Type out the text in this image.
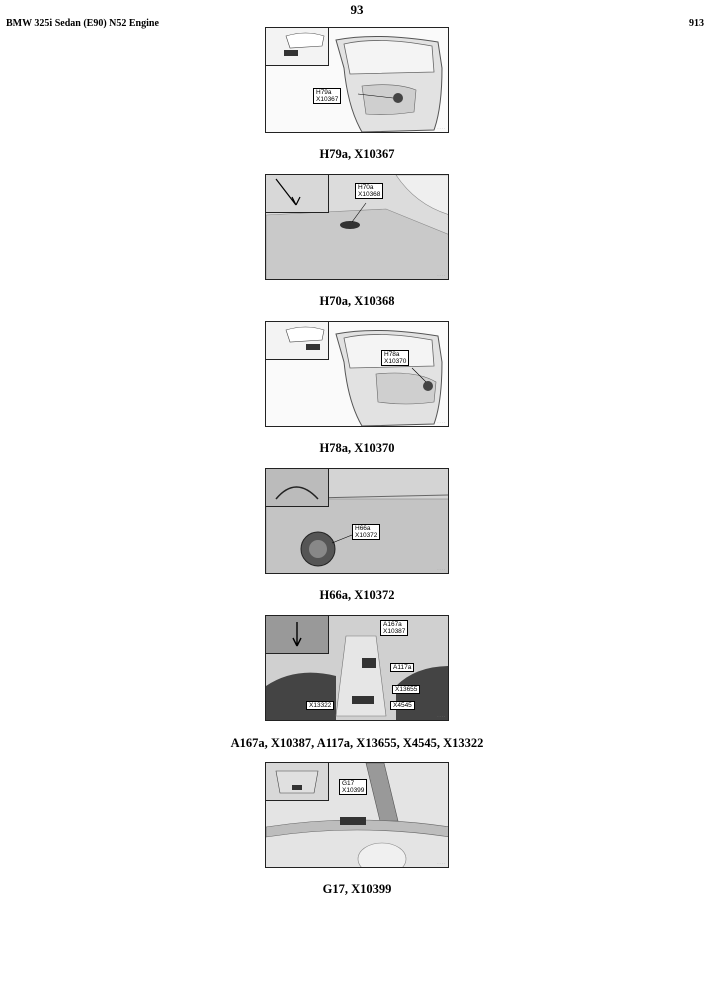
93
BMW 325i Sedan (E90) N52 Engine	913
H79a
X10367
· · · ·
H79a, X10367
H70a
X10368
· · · ·
H70a, X10368
H78a
X10370
· · · ·
H78a, X10370
H66a
X10372
· · · ·
H66a, X10372
A167a
X10387
A117a
X13655
X13322	X4545
· · · ·
A167a, X10387, A117a, X13655, X4545, X13322
G17
X10399
· · · ·
G17, X10399
